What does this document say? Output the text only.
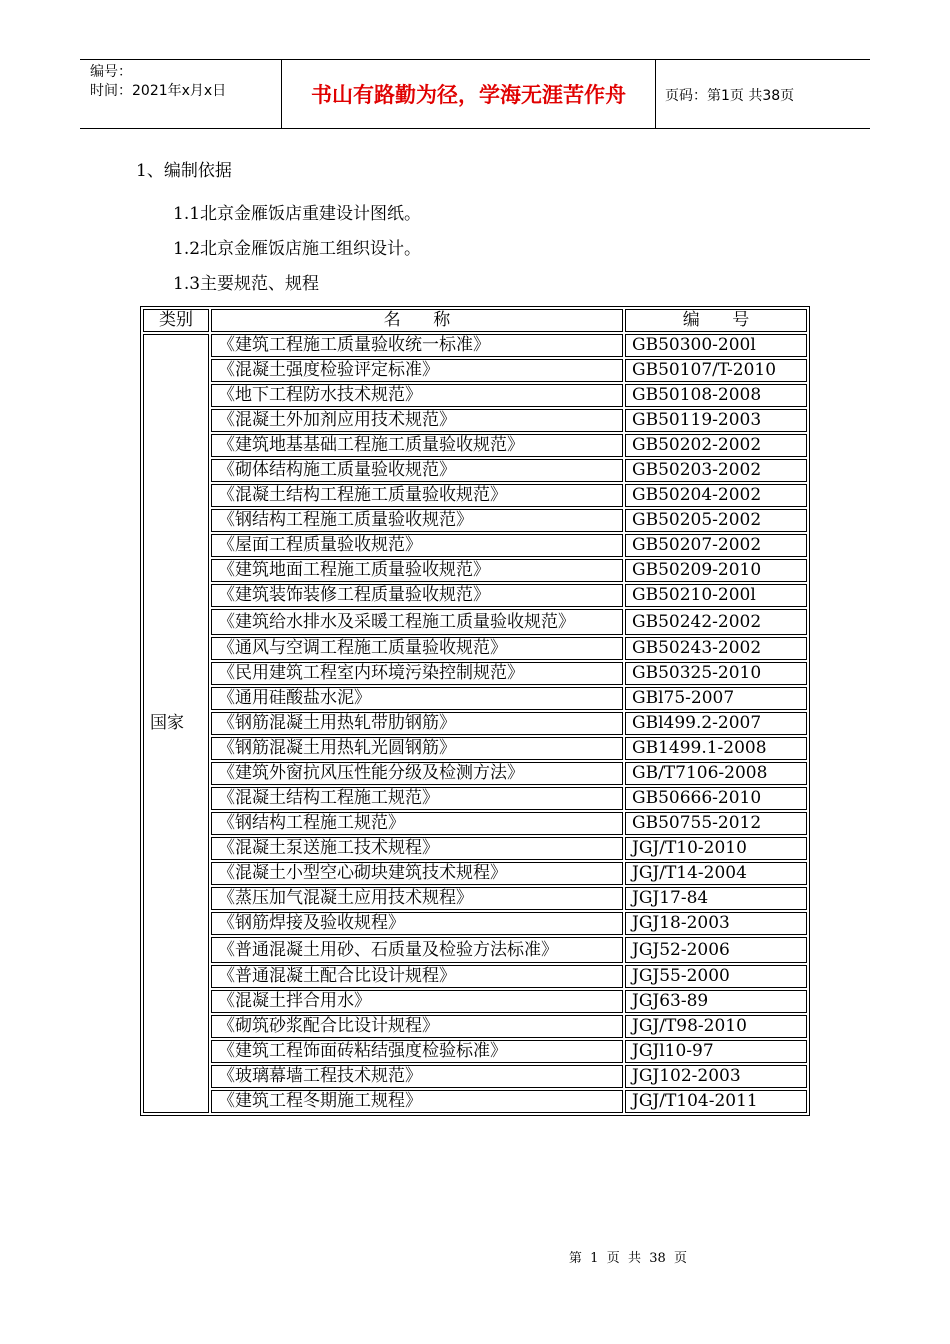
编号：
时间：2021年x月x日	书山有路勤为径，学海无涯苦作舟	页码：第1页 共38页
1、编制依据
1.1北京金雁饭店重建设计图纸。
1.2北京金雁饭店施工组织设计。
1.3主要规范、规程
类别	名      称	编      号
国家	《建筑工程施工质量验收统一标准》	GB50300-200l
	《混凝土强度检验评定标准》	GB50107/T-2010
	《地下工程防水技术规范》	GB50108-2008
	《混凝土外加剂应用技术规范》	GB50119-2003
	《建筑地基基础工程施工质量验收规范》	GB50202-2002
	《砌体结构施工质量验收规范》	GB50203-2002
	《混凝土结构工程施工质量验收规范》	GB50204-2002
	《钢结构工程施工质量验收规范》	GB50205-2002
	《屋面工程质量验收规范》	GB50207-2002
	《建筑地面工程施工质量验收规范》	GB50209-2010
	《建筑装饰装修工程质量验收规范》	GB50210-200l
	《建筑给水排水及采暖工程施工质量验收规范》	GB50242-2002
	《通风与空调工程施工质量验收规范》	GB50243-2002
	《民用建筑工程室内环境污染控制规范》	GB50325-2010
	《通用硅酸盐水泥》	GBl75-2007
	《钢筋混凝土用热轧带肋钢筋》	GBl499.2-2007
	《钢筋混凝土用热轧光圆钢筋》	GB1499.1-2008
	《建筑外窗抗风压性能分级及检测方法》	GB/T7106-2008
	《混凝土结构工程施工规范》	GB50666-2010
	《钢结构工程施工规范》	GB50755-2012
	《混凝土泵送施工技术规程》	JGJ/T10-2010
	《混凝土小型空心砌块建筑技术规程》	JGJ/T14-2004
	《蒸压加气混凝土应用技术规程》	JGJ17-84
	《钢筋焊接及验收规程》	JGJ18-2003
	《普通混凝土用砂、石质量及检验方法标准》	JGJ52-2006
	《普通混凝土配合比设计规程》	JGJ55-2000
	《混凝土拌合用水》	JGJ63-89
	《砌筑砂浆配合比设计规程》	JGJ/T98-2010
	《建筑工程饰面砖粘结强度检验标准》	JGJl10-97
	《玻璃幕墙工程技术规范》	JGJ102-2003
	《建筑工程冬期施工规程》	JGJ/T104-2011
第  1  页  共  38  页
